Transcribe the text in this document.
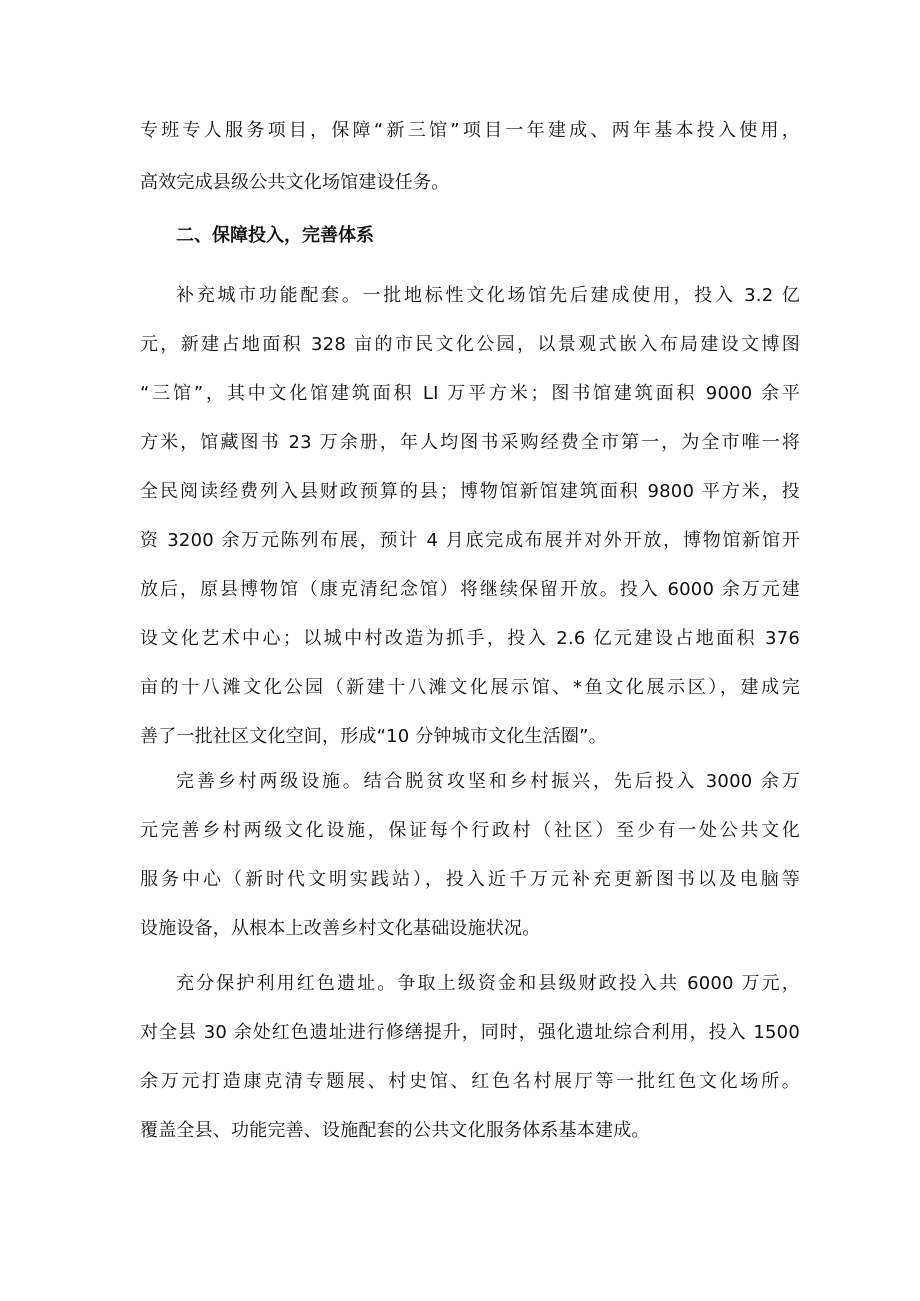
专班专人服务项目，保障“新三馆”项目一年建成、两年基本投入使用，
高效完成县级公共文化场馆建设任务。
二、保障投入，完善体系
补充城市功能配套。一批地标性文化场馆先后建成使用，投入 3.2 亿
元，新建占地面积 328 亩的市民文化公园，以景观式嵌入布局建设文博图
“三馆”，其中文化馆建筑面积 LI 万平方米；图书馆建筑面积 9000 余平
方米，馆藏图书 23 万余册，年人均图书采购经费全市第一，为全市唯一将
全民阅读经费列入县财政预算的县；博物馆新馆建筑面积 9800 平方米，投
资 3200 余万元陈列布展，预计 4 月底完成布展并对外开放，博物馆新馆开
放后，原县博物馆（康克清纪念馆）将继续保留开放。投入 6000 余万元建
设文化艺术中心；以城中村改造为抓手，投入 2.6 亿元建设占地面积 376
亩的十八滩文化公园（新建十八滩文化展示馆、*鱼文化展示区），建成完
善了一批社区文化空间，形成“10 分钟城市文化生活圈”。
完善乡村两级设施。结合脱贫攻坚和乡村振兴，先后投入 3000 余万
元完善乡村两级文化设施，保证每个行政村（社区）至少有一处公共文化
服务中心（新时代文明实践站），投入近千万元补充更新图书以及电脑等
设施设备，从根本上改善乡村文化基础设施状况。
充分保护利用红色遗址。争取上级资金和县级财政投入共 6000 万元，
对全县 30 余处红色遗址进行修缮提升，同时，强化遗址综合利用，投入 1500
余万元打造康克清专题展、村史馆、红色名村展厅等一批红色文化场所。
覆盖全县、功能完善、设施配套的公共文化服务体系基本建成。
